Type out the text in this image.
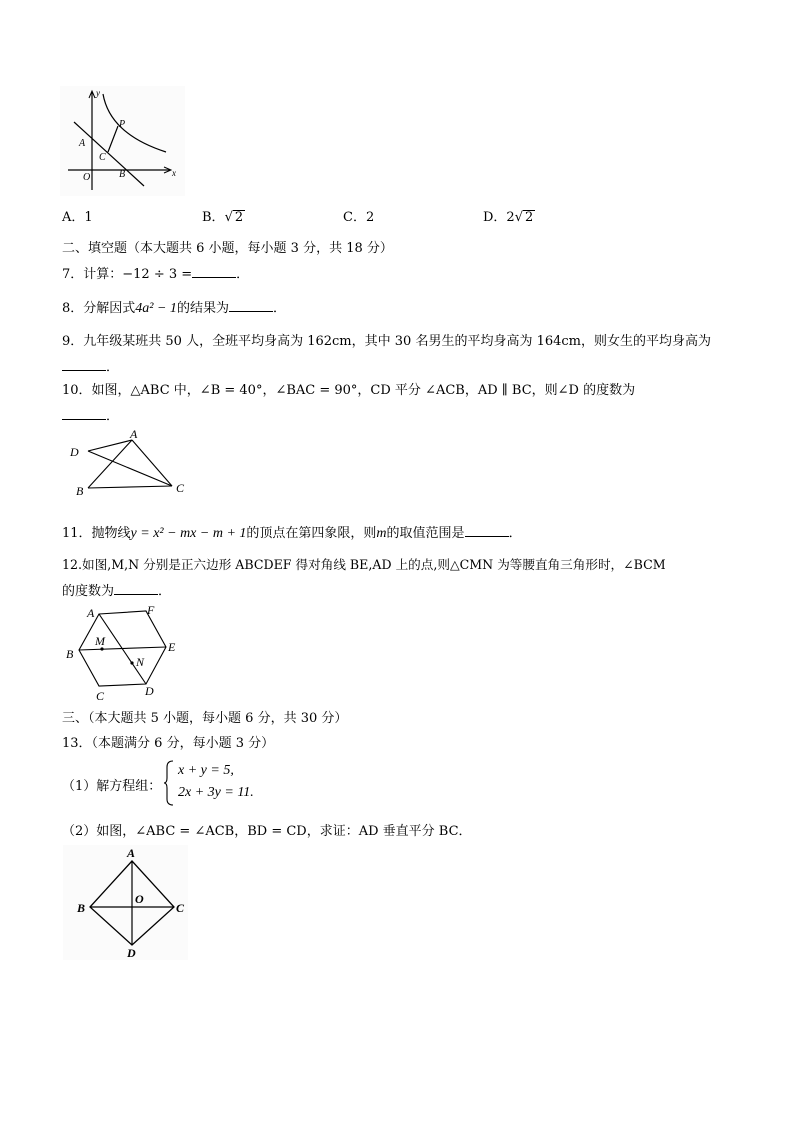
y
x
P
A
C
O	B
A．1	B．√ 2	C．2	D．2√ 2
二、填空题（本大题共 6 小题，每小题 3 分，共 18 分）
7．计算：−12 ÷ 3 =	．
8．分解因式4a² − 1的结果为	．
9．九年级某班共 50 人，全班平均身高为 162cm，其中 30 名男生的平均身高为 164cm，则女生的平均身高为
．
10．如图，△ABC 中，∠B = 40°，∠BAC = 90°，CD 平分 ∠ACB，AD ∥ BC，则∠D 的度数为
．
D
A
B	C
11．抛物线y = x² − mx − m + 1的顶点在第四象限，则m的取值范围是	．
12.如图,M,N 分别是正六边形 ABCDEF 得对角线 BE,AD 上的点,则△CMN 为等腰直角三角形时，∠BCM
的度数为	．
A	F
M
B	E
N
C	D
三、（本大题共 5 小题，每小题 6 分，共 30 分）
13．（本题满分 6 分，每小题 3 分）
（1）解方程组：
x + y = 5,
2x + 3y = 11.
（2）如图，∠ABC = ∠ACB，BD = CD，求证：AD 垂直平分 BC．
A
B
O
C
D
